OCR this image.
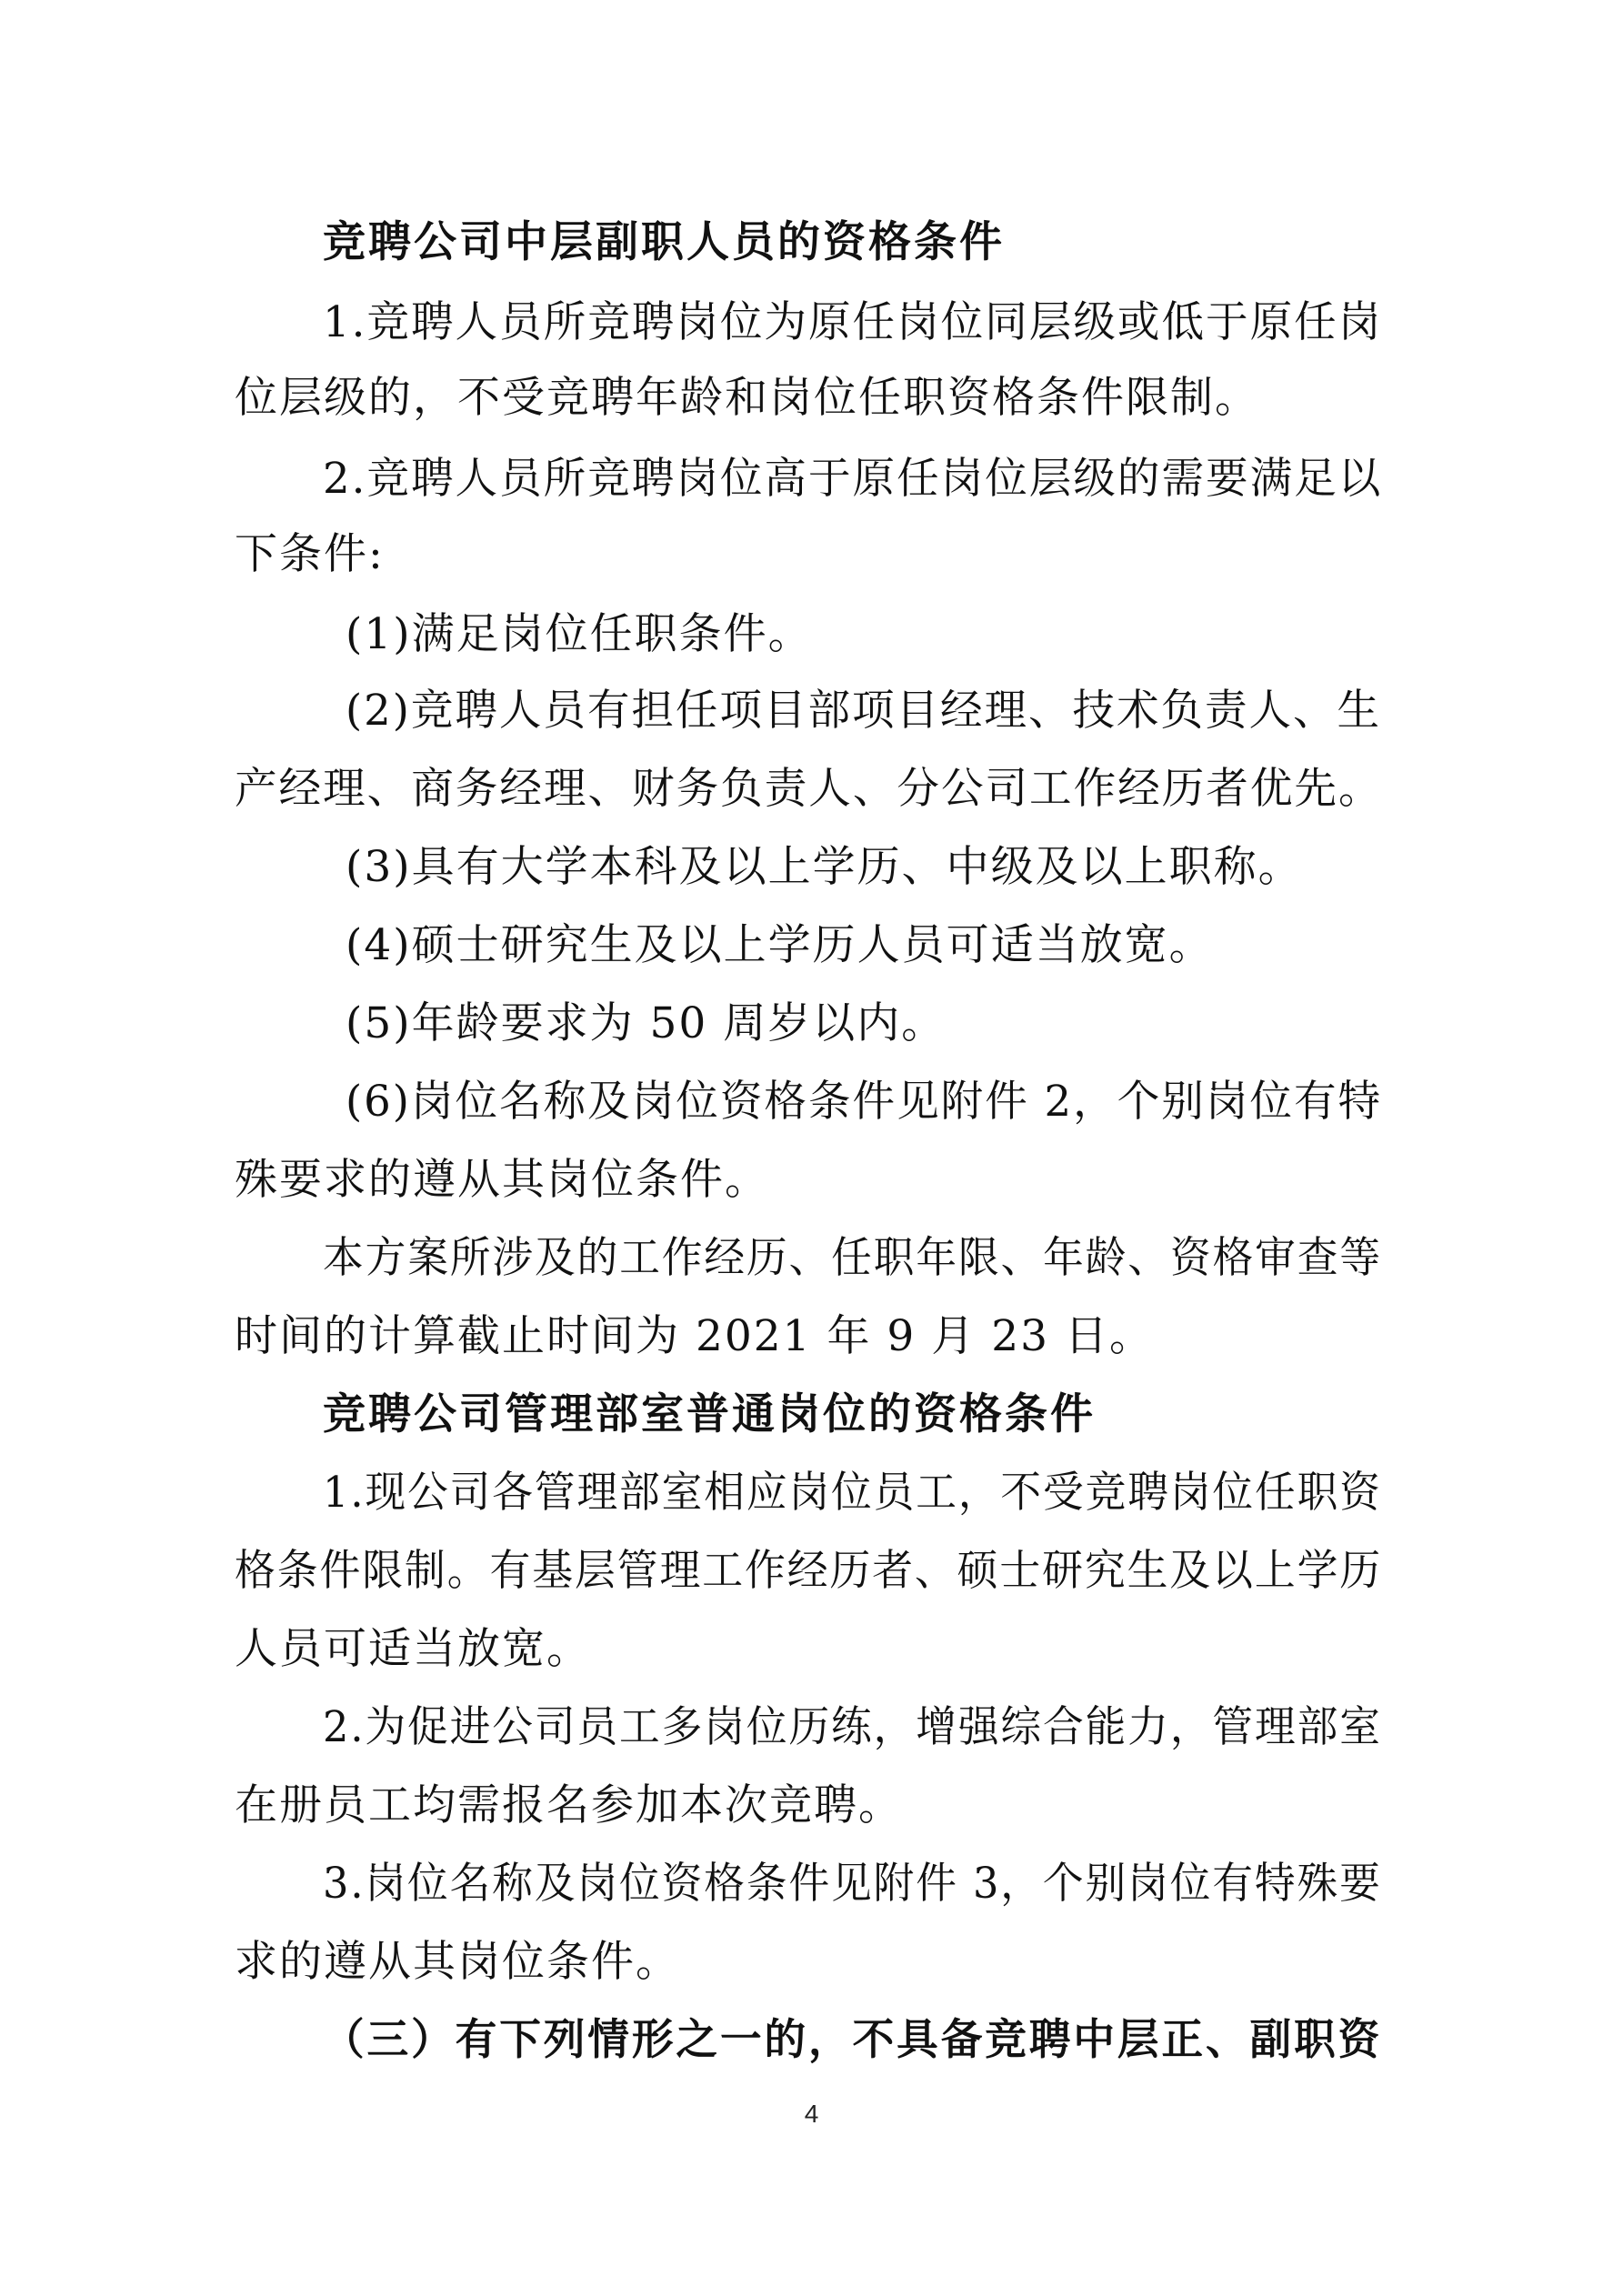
竞聘公司中层副职人员的资格条件
1.竞聘人员所竞聘岗位为原任岗位同层级或低于原任岗
位层级的，不受竞聘年龄和岗位任职资格条件限制。
2.竞聘人员所竞聘岗位高于原任岗位层级的需要满足以
下条件:
(1)满足岗位任职条件。
(2)竞聘人员有担任项目部项目经理、技术负责人、生
产经理、商务经理、财务负责人、分公司工作经历者优先。
(3)具有大学本科及以上学历、中级及以上职称。
(4)硕士研究生及以上学历人员可适当放宽。
(5)年龄要求为 50 周岁以内。
(6)岗位名称及岗位资格条件见附件 2，个别岗位有特
殊要求的遵从其岗位条件。
本方案所涉及的工作经历、任职年限、年龄、资格审查等
时间的计算截止时间为 2021 年 9 月 23 日。
竞聘公司管理部室普通岗位的资格条件
1.现公司各管理部室相应岗位员工，不受竞聘岗位任职资
格条件限制。有基层管理工作经历者、硕士研究生及以上学历
人员可适当放宽。
2.为促进公司员工多岗位历练，增强综合能力，管理部室
在册员工均需报名参加本次竞聘。
3.岗位名称及岗位资格条件见附件 3，个别岗位有特殊要
求的遵从其岗位条件。
（三）有下列情形之一的，不具备竞聘中层正、副职资
4
